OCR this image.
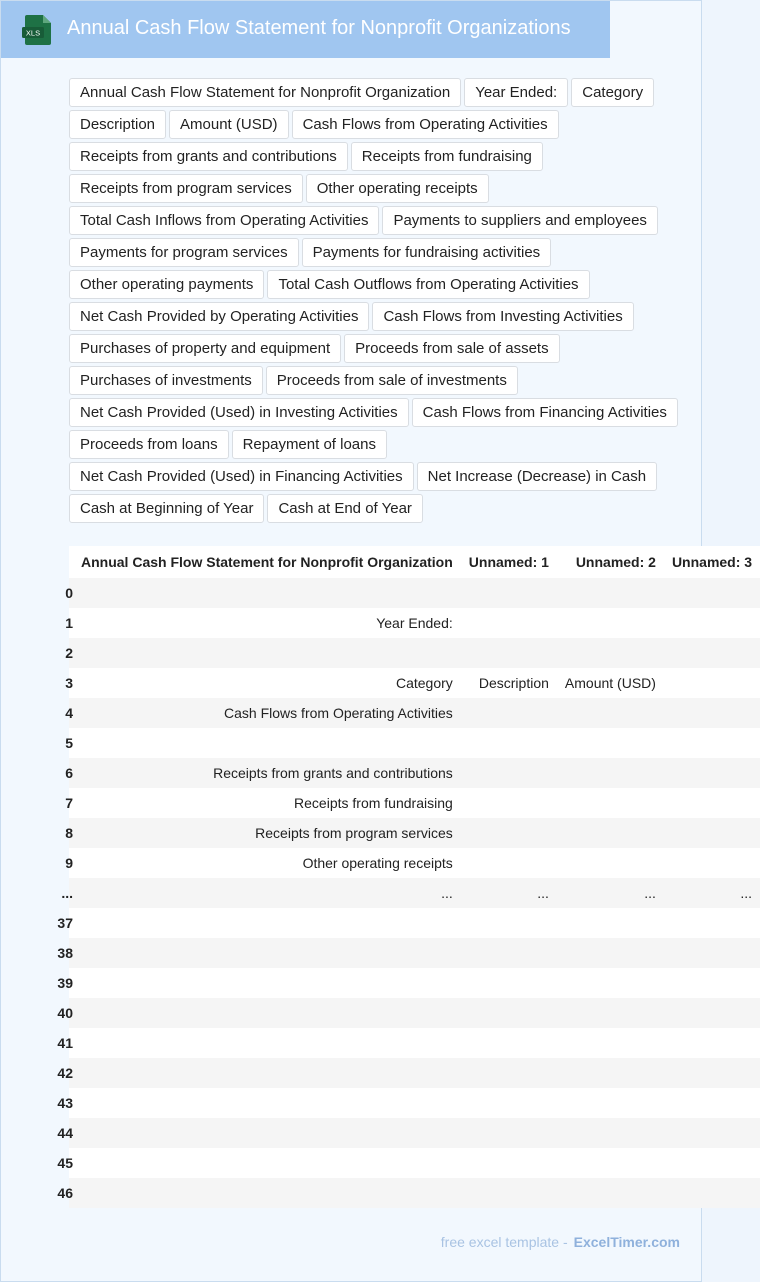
XLS Annual Cash Flow Statement for Nonprofit Organizations
Annual Cash Flow Statement for Nonprofit Organization	Year Ended:	Category
Description	Amount (USD)	Cash Flows from Operating Activities
Receipts from grants and contributions	Receipts from fundraising
Receipts from program services	Other operating receipts
Total Cash Inflows from Operating Activities	Payments to suppliers and employees
Payments for program services	Payments for fundraising activities
Other operating payments	Total Cash Outflows from Operating Activities
Net Cash Provided by Operating Activities	Cash Flows from Investing Activities
Purchases of property and equipment	Proceeds from sale of assets
Purchases of investments	Proceeds from sale of investments
Net Cash Provided (Used) in Investing Activities	Cash Flows from Financing Activities
Proceeds from loans	Repayment of loans
Net Cash Provided (Used) in Financing Activities	Net Increase (Decrease) in Cash
Cash at Beginning of Year	Cash at End of Year
	Annual Cash Flow Statement for Nonprofit Organization	Unnamed: 1	Unnamed: 2	Unnamed: 3

0				

1	Year Ended:			

2				

3	Category	Description	Amount (USD)	

4	Cash Flows from Operating Activities			

5				

6	Receipts from grants and contributions			

7	Receipts from fundraising			

8	Receipts from program services			

9	Other operating receipts			

...	...	...	...	...

37				

38				

39				

40				

41				

42				

43				

44				

45				

46				

free excel template - ExcelTimer.com
